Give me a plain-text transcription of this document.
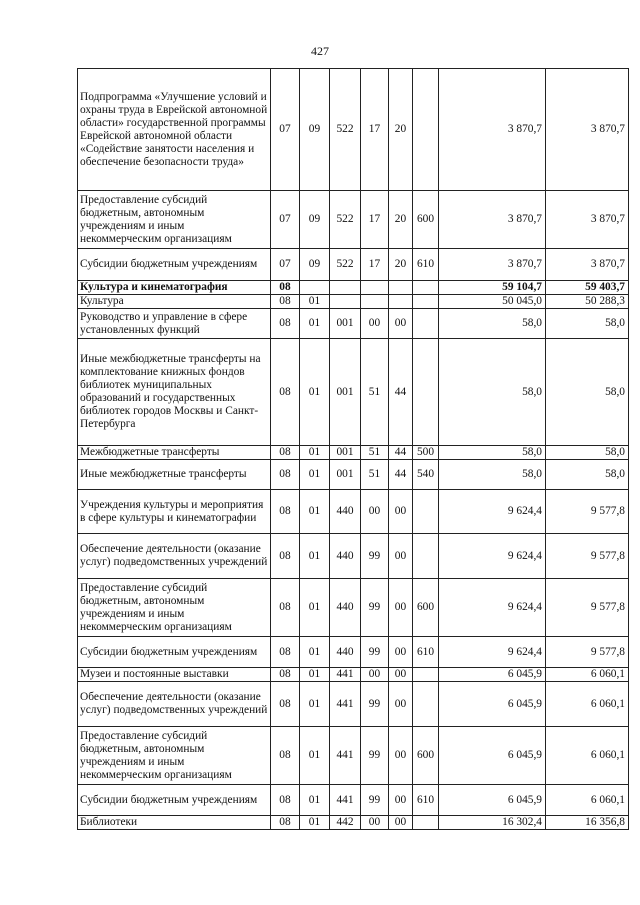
427
Подпрограмма «Улучшение условий и охраны труда в Еврейской автономной области» государственной программы Еврейской автономной области «Содействие занятости населения и обеспечение безопасности труда»	07	09	522	17	20		3 870,7	3 870,7
Предоставление субсидий бюджетным, автономным учреждениям и иным некоммерческим организациям	07	09	522	17	20	600	3 870,7	3 870,7
Субсидии бюджетным учреждениям	07	09	522	17	20	610	3 870,7	3 870,7
Культура и кинематография	08						59 104,7	59 403,7
Культура	08	01					50 045,0	50 288,3
Руководство и управление в сфере установленных функций	08	01	001	00	00		58,0	58,0
Иные межбюджетные трансферты на комплектование книжных фондов библиотек муниципальных образований и государственных библиотек городов Москвы и Санкт-Петербурга	08	01	001	51	44		58,0	58,0
Межбюджетные трансферты	08	01	001	51	44	500	58,0	58,0
Иные межбюджетные трансферты	08	01	001	51	44	540	58,0	58,0
Учреждения культуры и мероприятия в сфере культуры и кинематографии	08	01	440	00	00		9 624,4	9 577,8
Обеспечение деятельности (оказание услуг) подведомственных учреждений	08	01	440	99	00		9 624,4	9 577,8
Предоставление субсидий бюджетным, автономным учреждениям и иным некоммерческим организациям	08	01	440	99	00	600	9 624,4	9 577,8
Субсидии бюджетным учреждениям	08	01	440	99	00	610	9 624,4	9 577,8
Музеи и постоянные выставки	08	01	441	00	00		6 045,9	6 060,1
Обеспечение деятельности (оказание услуг) подведомственных учреждений	08	01	441	99	00		6 045,9	6 060,1
Предоставление субсидий бюджетным, автономным учреждениям и иным некоммерческим организациям	08	01	441	99	00	600	6 045,9	6 060,1
Субсидии бюджетным учреждениям	08	01	441	99	00	610	6 045,9	6 060,1
Библиотеки	08	01	442	00	00		16 302,4	16 356,8
